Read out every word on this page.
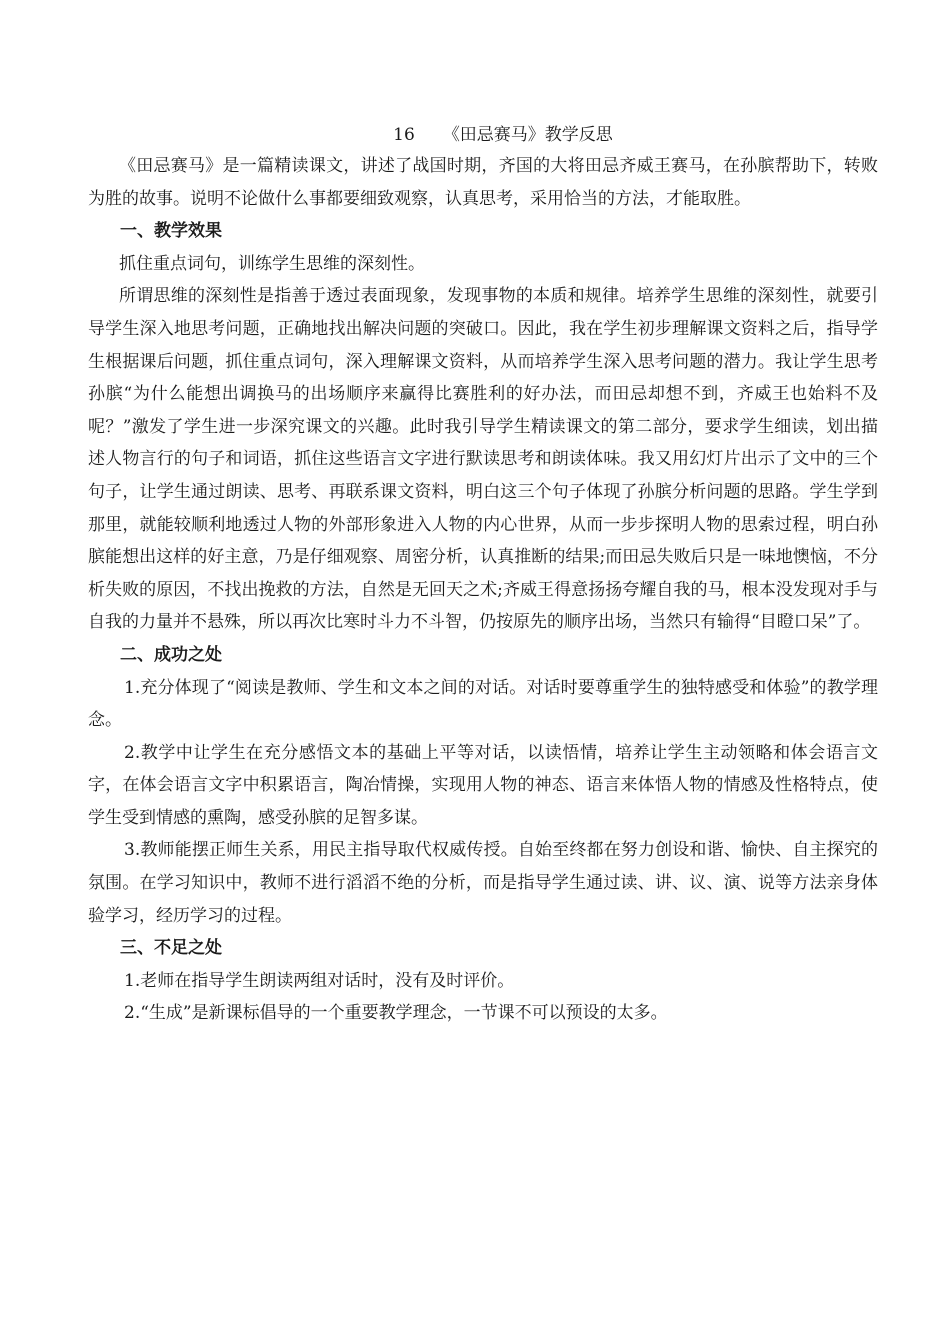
16 《田忌赛马》教学反思

《田忌赛马》是一篇精读课文，讲述了战国时期，齐国的大将田忌齐威王赛马，在孙膑帮助下，转败为胜的故事。说明不论做什么事都要细致观察，认真思考，采用恰当的方法，才能取胜。

一、教学效果

抓住重点词句，训练学生思维的深刻性。

所谓思维的深刻性是指善于透过表面现象，发现事物的本质和规律。培养学生思维的深刻性，就要引导学生深入地思考问题，正确地找出解决问题的突破口。因此，我在学生初步理解课文资料之后，指导学生根据课后问题，抓住重点词句，深入理解课文资料，从而培养学生深入思考问题的潜力。我让学生思考孙膑“为什么能想出调换马的出场顺序来赢得比赛胜利的好办法，而田忌却想不到，齐威王也始料不及呢？”激发了学生进一步深究课文的兴趣。此时我引导学生精读课文的第二部分，要求学生细读，划出描述人物言行的句子和词语，抓住这些语言文字进行默读思考和朗读体味。我又用幻灯片出示了文中的三个句子，让学生通过朗读、思考、再联系课文资料，明白这三个句子体现了孙膑分析问题的思路。学生学到那里，就能较顺利地透过人物的外部形象进入人物的内心世界，从而一步步探明人物的思索过程，明白孙膑能想出这样的好主意，乃是仔细观察、周密分析，认真推断的结果;而田忌失败后只是一味地懊恼，不分析失败的原因，不找出挽救的方法，自然是无回天之术;齐威王得意扬扬夸耀自我的马，根本没发现对手与自我的力量并不悬殊，所以再次比寒时斗力不斗智，仍按原先的顺序出场，当然只有输得“目瞪口呆”了。

二、成功之处

1.充分体现了“阅读是教师、学生和文本之间的对话。对话时要尊重学生的独特感受和体验”的教学理念。

2.教学中让学生在充分感悟文本的基础上平等对话，以读悟情，培养让学生主动领略和体会语言文字，在体会语言文字中积累语言，陶冶情操，实现用人物的神态、语言来体悟人物的情感及性格特点，使学生受到情感的熏陶，感受孙膑的足智多谋。

3.教师能摆正师生关系，用民主指导取代权威传授。自始至终都在努力创设和谐、愉快、自主探究的氛围。在学习知识中，教师不进行滔滔不绝的分析，而是指导学生通过读、讲、议、演、说等方法亲身体验学习，经历学习的过程。

三、不足之处

1.老师在指导学生朗读两组对话时，没有及时评价。

2.“生成”是新课标倡导的一个重要教学理念，一节课不可以预设的太多。
